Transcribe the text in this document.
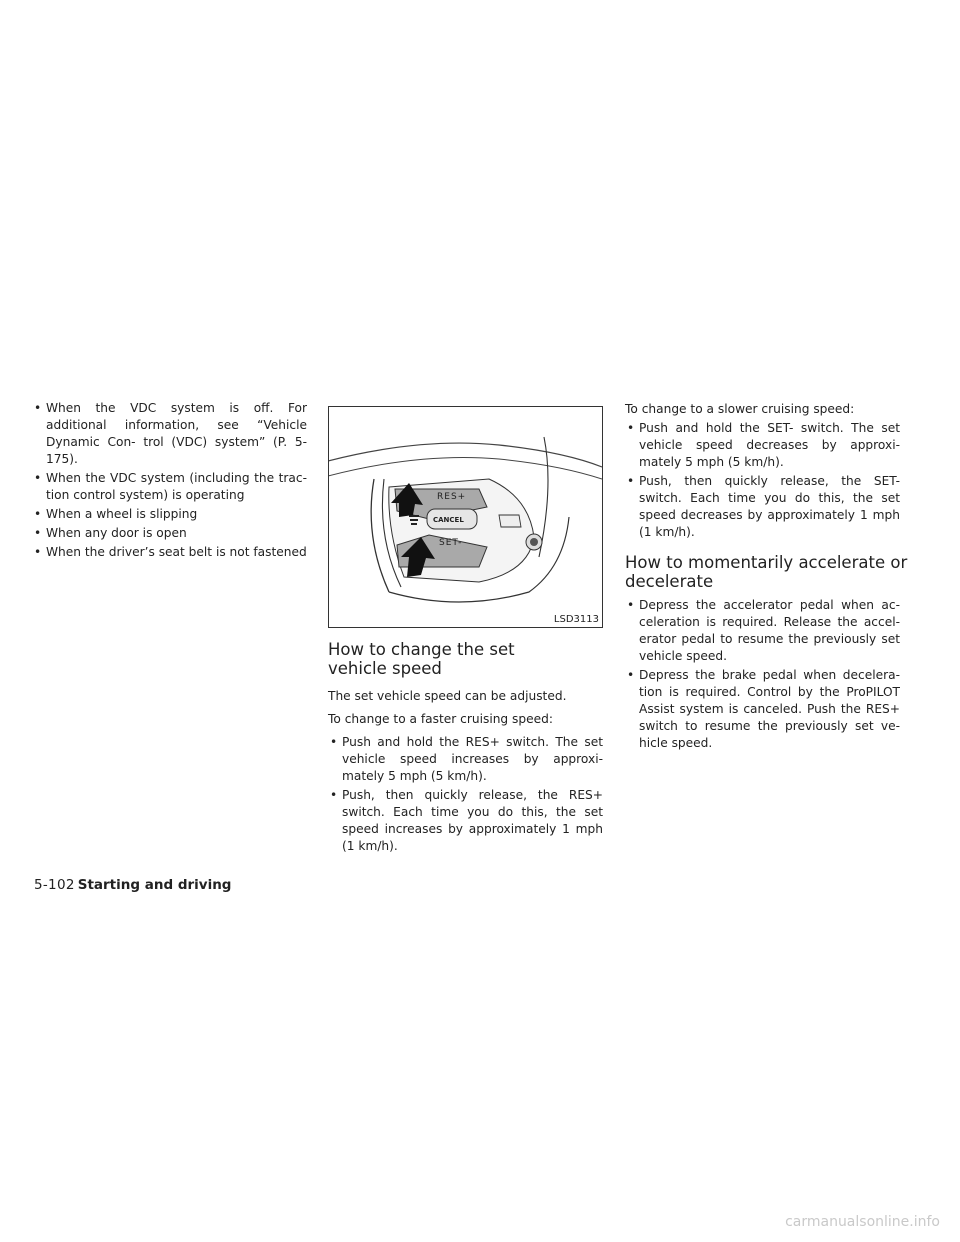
• When the VDC system is off. For additional information, see “Vehicle Dynamic Con- trol (VDC) system” (P. 5-175).
• When the VDC system (including the trac- tion control system) is operating
• When a wheel is slipping
• When any door is open
• When the driver’s seat belt is not fastened
RES+
CANCEL
SET-
LSD3113
How to change the set vehicle speed

The set vehicle speed can be adjusted.

To change to a faster cruising speed:

• Push and hold the RES+ switch. The set vehicle speed increases by approxi- mately 5 mph (5 km/h).
• Push, then quickly release, the RES+ switch. Each time you do this, the set speed increases by approximately 1 mph (1 km/h).

To change to a slower cruising speed:

• Push and hold the SET- switch. The set vehicle speed decreases by approxi- mately 5 mph (5 km/h).
• Push, then quickly release, the SET- switch. Each time you do this, the set speed decreases by approximately 1 mph (1 km/h).
How to momentarily accelerate or decelerate
• Depress the accelerator pedal when ac- celeration is required. Release the accel- erator pedal to resume the previously set vehicle speed.
• Depress the brake pedal when decelera- tion is required. Control by the ProPILOT Assist system is canceled. Push the RES+ switch to resume the previously set ve- hicle speed.
5-102 Starting and driving
carmanualsonline.info
